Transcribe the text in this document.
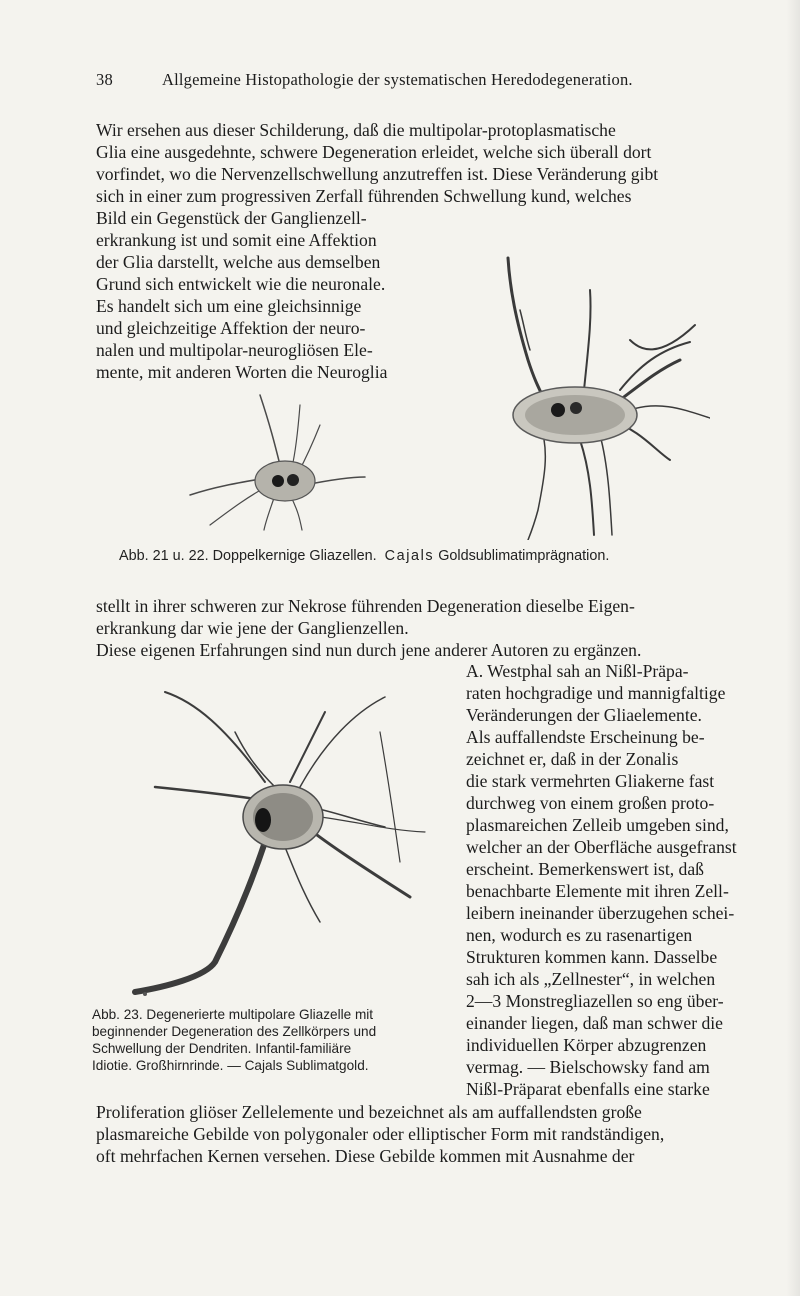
38	Allgemeine Histopathologie der systematischen Heredodegeneration.
Wir ersehen aus dieser Schilderung, daß die multipolar-protoplasmatische
Glia eine ausgedehnte, schwere Degeneration erleidet, welche sich überall dort
vorfindet, wo die Nervenzellschwellung anzutreffen ist. Diese Veränderung gibt
sich in einer zum progressiven Zerfall führenden Schwellung kund, welches
Bild ein Gegenstück der Ganglienzell-
erkrankung ist und somit eine Affektion
der Glia darstellt, welche aus demselben
Grund sich entwickelt wie die neuronale.
Es handelt sich um eine gleichsinnige
und gleichzeitige Affektion der neuro-
nalen und multipolar-neurogliösen Ele-
mente, mit anderen Worten die Neuroglia
Abb. 21 u. 22. Doppelkernige Gliazellen. Cajals Goldsublimatimprägnation.
stellt in ihrer schweren zur Nekrose führenden Degeneration dieselbe Eigen-
erkrankung dar wie jene der Ganglienzellen.
Diese eigenen Erfahrungen sind nun durch jene anderer Autoren zu ergänzen.
A. Westphal sah an Nißl-Präpa-
raten hochgradige und mannigfaltige
Veränderungen der Gliaelemente.
Als auffallendste Erscheinung be-
zeichnet er, daß in der Zonalis
die stark vermehrten Gliakerne fast
durchweg von einem großen proto-
plasmareichen Zelleib umgeben sind,
welcher an der Oberfläche ausgefranst
erscheint. Bemerkenswert ist, daß
benachbarte Elemente mit ihren Zell-
leibern ineinander überzugehen schei-
nen, wodurch es zu rasenartigen
Strukturen kommen kann. Dasselbe
sah ich als „Zellnester“, in welchen
2—3 Monstregliazellen so eng über-
einander liegen, daß man schwer die
individuellen Körper abzugrenzen
vermag. — Bielschowsky fand am
Nißl-Präparat ebenfalls eine starke
Abb. 23. Degenerierte multipolare Gliazelle mit
beginnender Degeneration des Zellkörpers und
Schwellung der Dendriten. Infantil-familiäre
Idiotie. Großhirnrinde. — Cajals Sublimatgold.
Proliferation gliöser Zellelemente und bezeichnet als am auffallendsten große
plasmareiche Gebilde von polygonaler oder elliptischer Form mit randständigen,
oft mehrfachen Kernen versehen. Diese Gebilde kommen mit Ausnahme der
